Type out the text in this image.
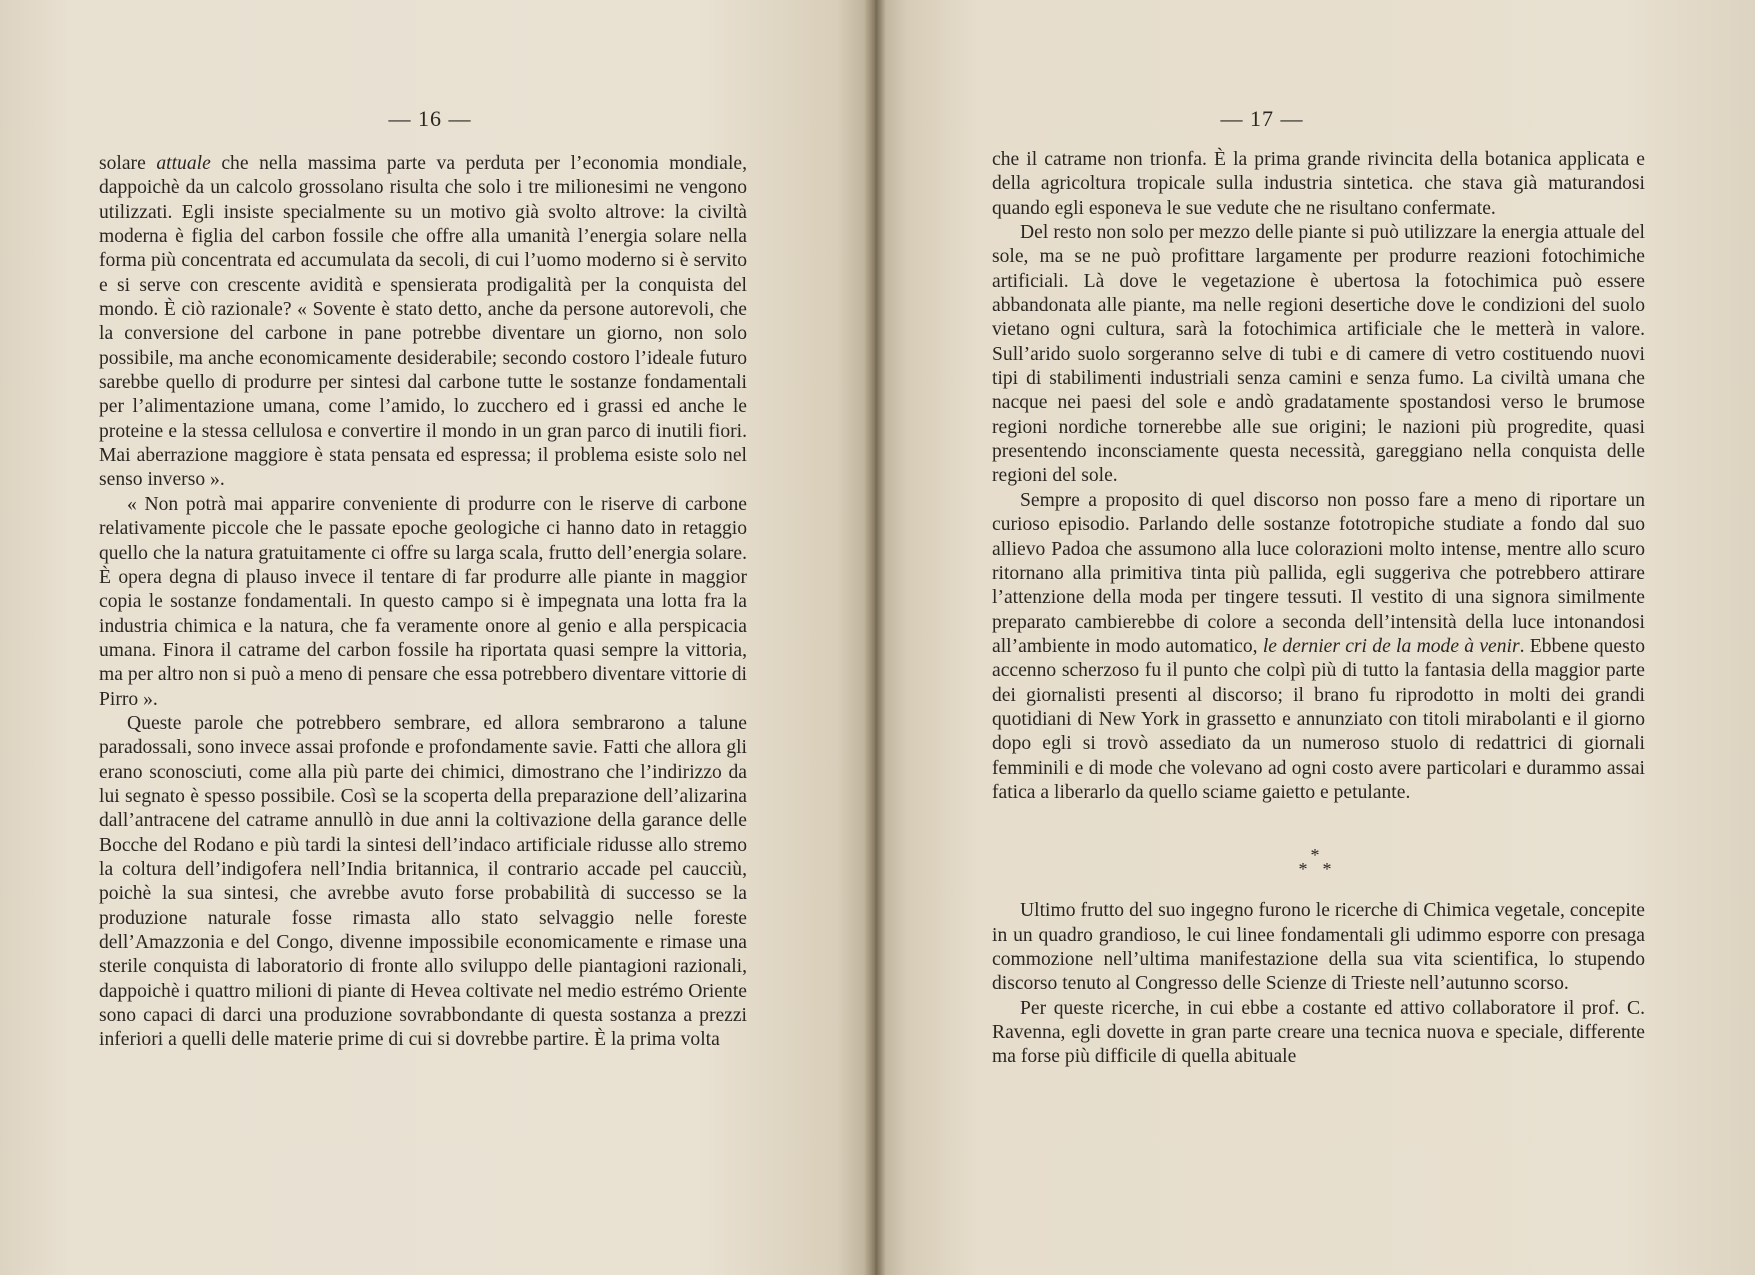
— 16 —

solare attuale che nella massima parte va perduta per l’economia mondiale, dappoichè da un calcolo grossolano risulta che solo i tre milionesimi ne vengono utilizzati. Egli insiste specialmente su un motivo già svolto altrove: la civiltà moderna è figlia del carbon fossile che offre alla umanità l’energia solare nella forma più concentrata ed accumulata da secoli, di cui l’uomo moderno si è servito e si serve con crescente avidità e spensierata prodigalità per la conquista del mondo. È ciò razionale? « Sovente è stato detto, anche da persone autorevoli, che la conversione del carbone in pane potrebbe diventare un giorno, non solo possibile, ma anche economicamente desiderabile; secondo costoro l’ideale futuro sarebbe quello di produrre per sintesi dal carbone tutte le sostanze fondamentali per l’alimentazione umana, come l’amido, lo zucchero ed i grassi ed anche le proteine e la stessa cellulosa e convertire il mondo in un gran parco di inutili fiori. Mai aberrazione maggiore è stata pensata ed espressa; il problema esiste solo nel senso inverso ».

« Non potrà mai apparire conveniente di produrre con le riserve di carbone relativamente piccole che le passate epoche geologiche ci hanno dato in retaggio quello che la natura gratuitamente ci offre su larga scala, frutto dell’energia solare. È opera degna di plauso invece il tentare di far produrre alle piante in maggior copia le sostanze fondamentali. In questo campo si è impegnata una lotta fra la industria chimica e la natura, che fa veramente onore al genio e alla perspicacia umana. Finora il catrame del carbon fossile ha riportata quasi sempre la vittoria, ma per altro non si può a meno di pensare che essa potrebbero diventare vittorie di Pirro ».

Queste parole che potrebbero sembrare, ed allora sembrarono a talune paradossali, sono invece assai profonde e profondamente savie. Fatti che allora gli erano sconosciuti, come alla più parte dei chimici, dimostrano che l’indirizzo da lui segnato è spesso possibile. Così se la scoperta della preparazione dell’alizarina dall’antracene del catrame annullò in due anni la coltivazione della garance delle Bocche del Rodano e più tardi la sintesi dell’indaco artificiale ridusse allo stremo la coltura dell’indigofera nell’India britannica, il contrario accade pel caucciù, poichè la sua sintesi, che avrebbe avuto forse probabilità di successo se la produzione naturale fosse rimasta allo stato selvaggio nelle foreste dell’Amazzonia e del Congo, divenne impossibile economicamente e rimase una sterile conquista di laboratorio di fronte allo sviluppo delle piantagioni razionali, dappoichè i quattro milioni di piante di Hevea coltivate nel medio estrémo Oriente sono capaci di darci una produzione sovrabbondante di questa sostanza a prezzi inferiori a quelli delle materie prime di cui si dovrebbe partire. È la prima volta

— 17 —

che il catrame non trionfa. È la prima grande rivincita della botanica applicata e della agricoltura tropicale sulla industria sintetica. che stava già maturandosi quando egli esponeva le sue vedute che ne risultano confermate.

Del resto non solo per mezzo delle piante si può utilizzare la energia attuale del sole, ma se ne può profittare largamente per produrre reazioni fotochimiche artificiali. Là dove le vegetazione è ubertosa la fotochimica può essere abbandonata alle piante, ma nelle regioni desertiche dove le condizioni del suolo vietano ogni cultura, sarà la fotochimica artificiale che le metterà in valore. Sull’arido suolo sorgeranno selve di tubi e di camere di vetro costituendo nuovi tipi di stabilimenti industriali senza camini e senza fumo. La civiltà umana che nacque nei paesi del sole e andò gradatamente spostandosi verso le brumose regioni nordiche tornerebbe alle sue origini; le nazioni più progredite, quasi presentendo inconsciamente questa necessità, gareggiano nella conquista delle regioni del sole.

Sempre a proposito di quel discorso non posso fare a meno di riportare un curioso episodio. Parlando delle sostanze fototropiche studiate a fondo dal suo allievo Padoa che assumono alla luce colorazioni molto intense, mentre allo scuro ritornano alla primitiva tinta più pallida, egli suggeriva che potrebbero attirare l’attenzione della moda per tingere tessuti. Il vestito di una signora similmente preparato cambierebbe di colore a seconda dell’intensità della luce intonandosi all’ambiente in modo automatico, le dernier cri de la mode à venir. Ebbene questo accenno scherzoso fu il punto che colpì più di tutto la fantasia della maggior parte dei giornalisti presenti al discorso; il brano fu riprodotto in molti dei grandi quotidiani di New York in grassetto e annunziato con titoli mirabolanti e il giorno dopo egli si trovò assediato da un numeroso stuolo di redattrici di giornali femminili e di mode che volevano ad ogni costo avere particolari e durammo assai fatica a liberarlo da quello sciame gaietto e petulante.

*
* *

Ultimo frutto del suo ingegno furono le ricerche di Chimica vegetale, concepite in un quadro grandioso, le cui linee fondamentali gli udimmo esporre con presaga commozione nell’ultima manifestazione della sua vita scientifica, lo stupendo discorso tenuto al Congresso delle Scienze di Trieste nell’autunno scorso.

Per queste ricerche, in cui ebbe a costante ed attivo collaboratore il prof. C. Ravenna, egli dovette in gran parte creare una tecnica nuova e speciale, differente ma forse più difficile di quella abituale
